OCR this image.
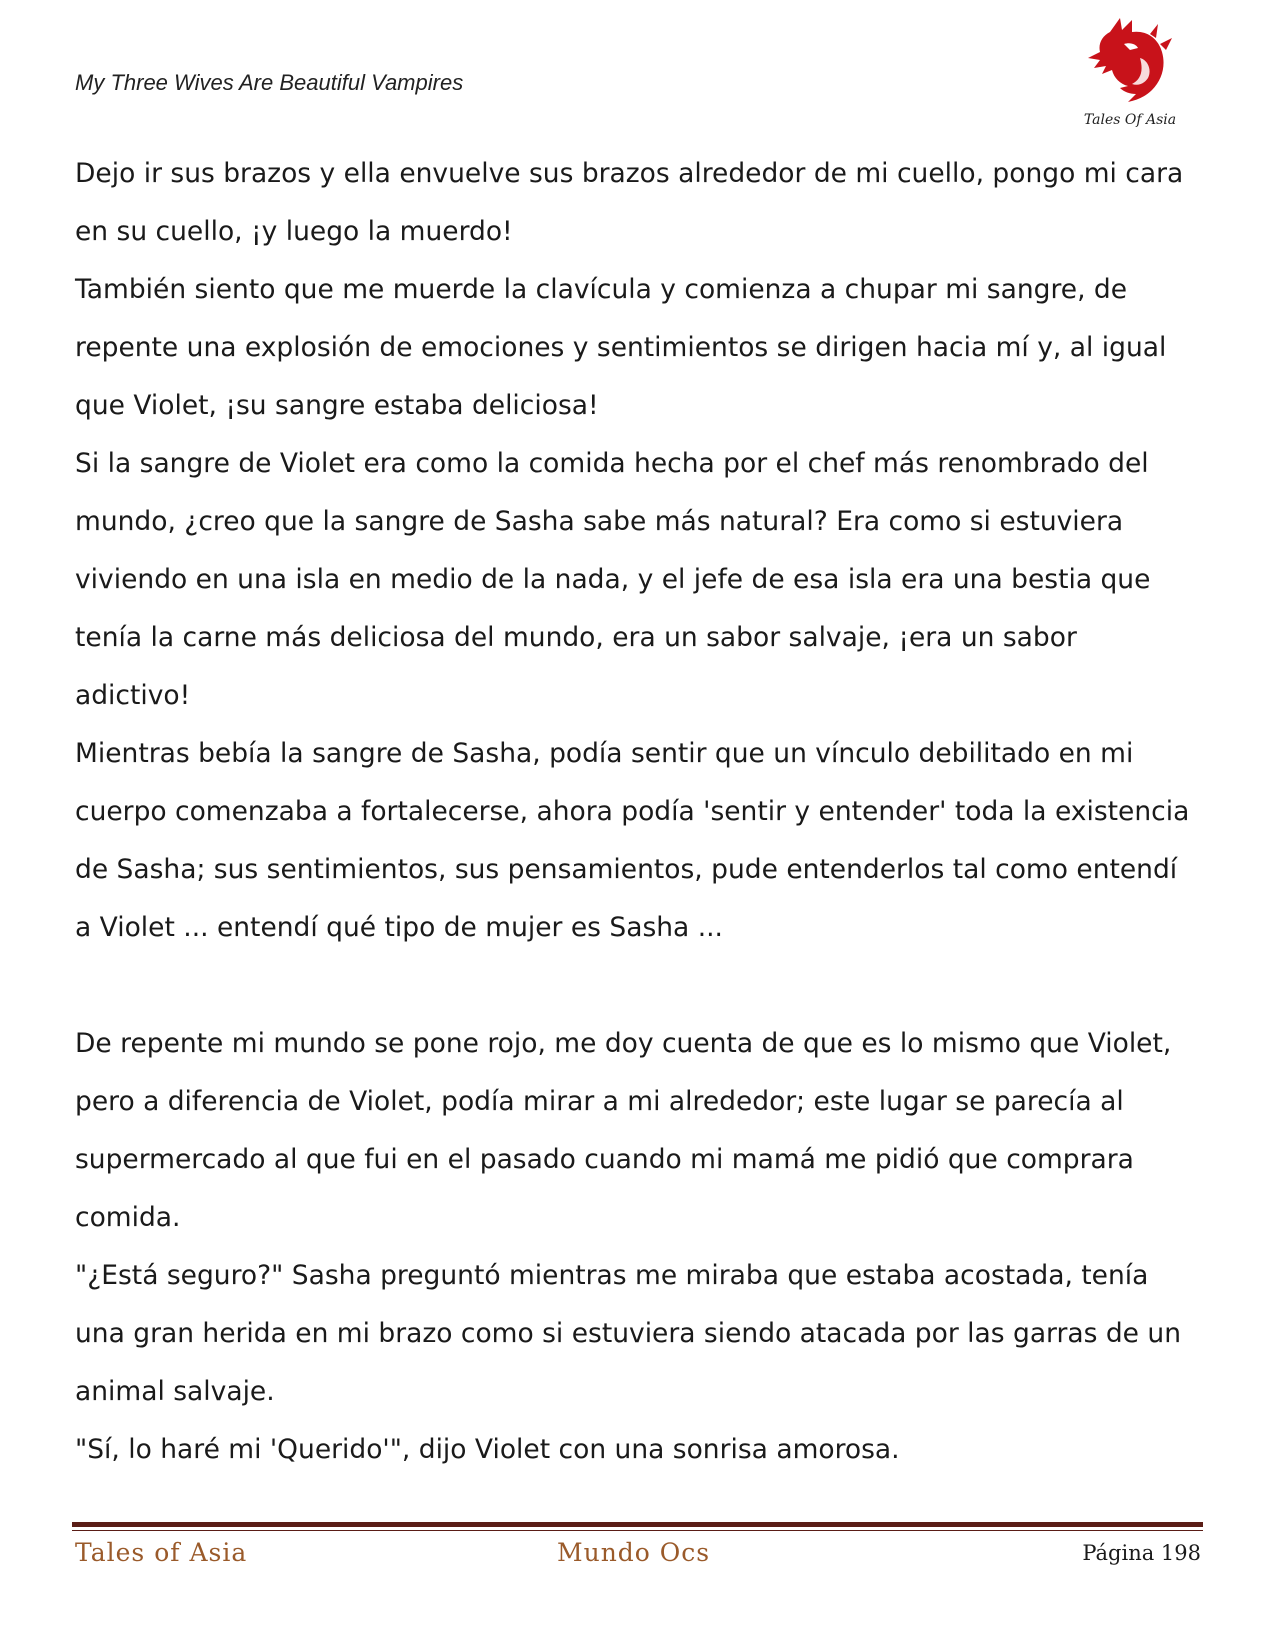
My Three Wives Are Beautiful Vampires
Tales Of Asia

Dejo ir sus brazos y ella envuelve sus brazos alrededor de mi cuello, pongo mi cara en su cuello, ¡y luego la muerdo!

También siento que me muerde la clavícula y comienza a chupar mi sangre, de repente una explosión de emociones y sentimientos se dirigen hacia mí y, al igual que Violet, ¡su sangre estaba deliciosa!

Si la sangre de Violet era como la comida hecha por el chef más renombrado del mundo, ¿creo que la sangre de Sasha sabe más natural? Era como si estuviera viviendo en una isla en medio de la nada, y el jefe de esa isla era una bestia que tenía la carne más deliciosa del mundo, era un sabor salvaje, ¡era un sabor adictivo!

Mientras bebía la sangre de Sasha, podía sentir que un vínculo debilitado en mi cuerpo comenzaba a fortalecerse, ahora podía 'sentir y entender' toda la existencia de Sasha; sus sentimientos, sus pensamientos, pude entenderlos tal como entendí a Violet ... entendí qué tipo de mujer es Sasha ...

De repente mi mundo se pone rojo, me doy cuenta de que es lo mismo que Violet, pero a diferencia de Violet, podía mirar a mi alrededor; este lugar se parecía al supermercado al que fui en el pasado cuando mi mamá me pidió que comprara comida.

"¿Está seguro?" Sasha preguntó mientras me miraba que estaba acostada, tenía una gran herida en mi brazo como si estuviera siendo atacada por las garras de un animal salvaje.

"Sí, lo haré mi 'Querido'", dijo Violet con una sonrisa amorosa.

Tales of Asia	Mundo Ocs	Página 198
